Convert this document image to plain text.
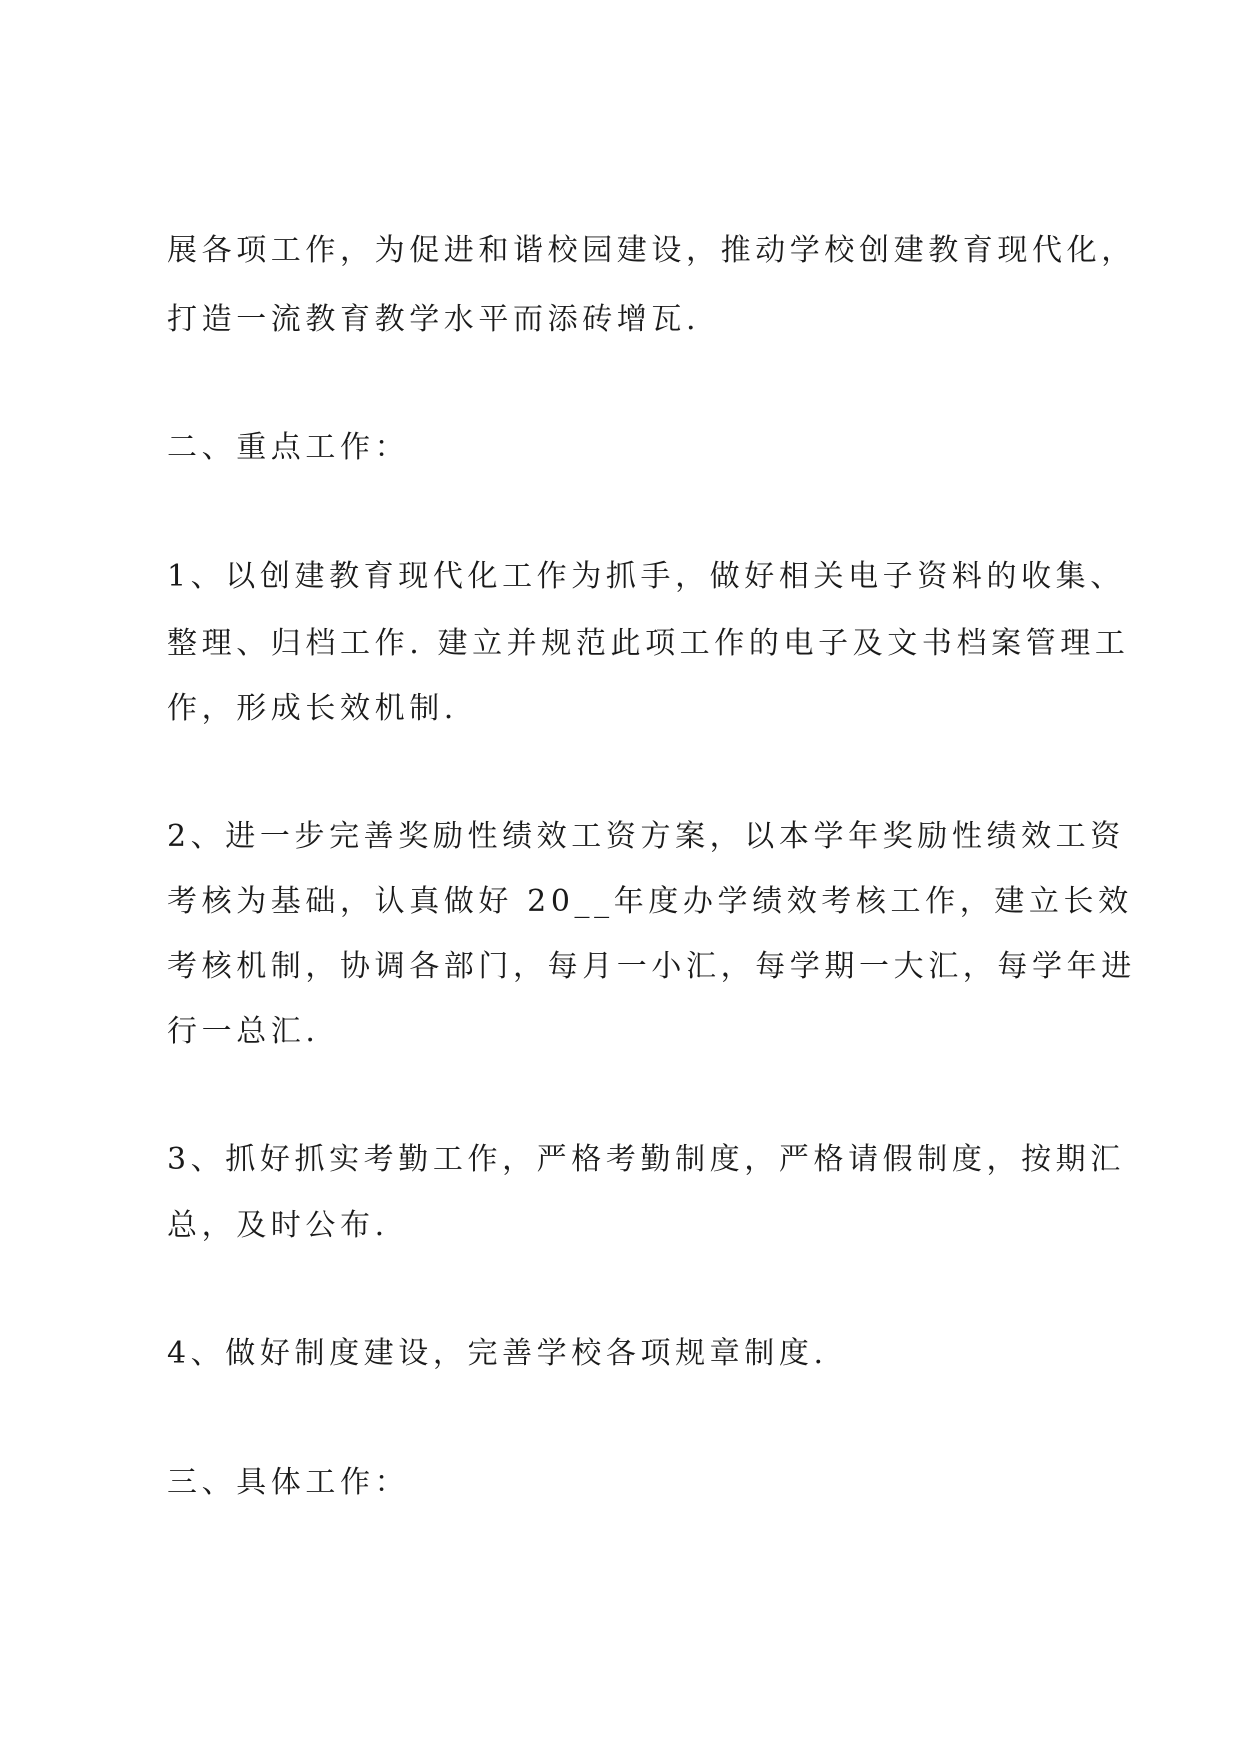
展各项工作，为促进和谐校园建设，推动学校创建教育现代化，
打造一流教育教学水平而添砖增瓦.
二、重点工作：
1、以创建教育现代化工作为抓手，做好相关电子资料的收集、
整理、归档工作. 建立并规范此项工作的电子及文书档案管理工
作，形成长效机制.
2、进一步完善奖励性绩效工资方案，以本学年奖励性绩效工资
考核为基础，认真做好 20__年度办学绩效考核工作，建立长效
考核机制，协调各部门，每月一小汇，每学期一大汇，每学年进
行一总汇.
3、抓好抓实考勤工作，严格考勤制度，严格请假制度，按期汇
总，及时公布.
4、做好制度建设，完善学校各项规章制度.
三、具体工作：
